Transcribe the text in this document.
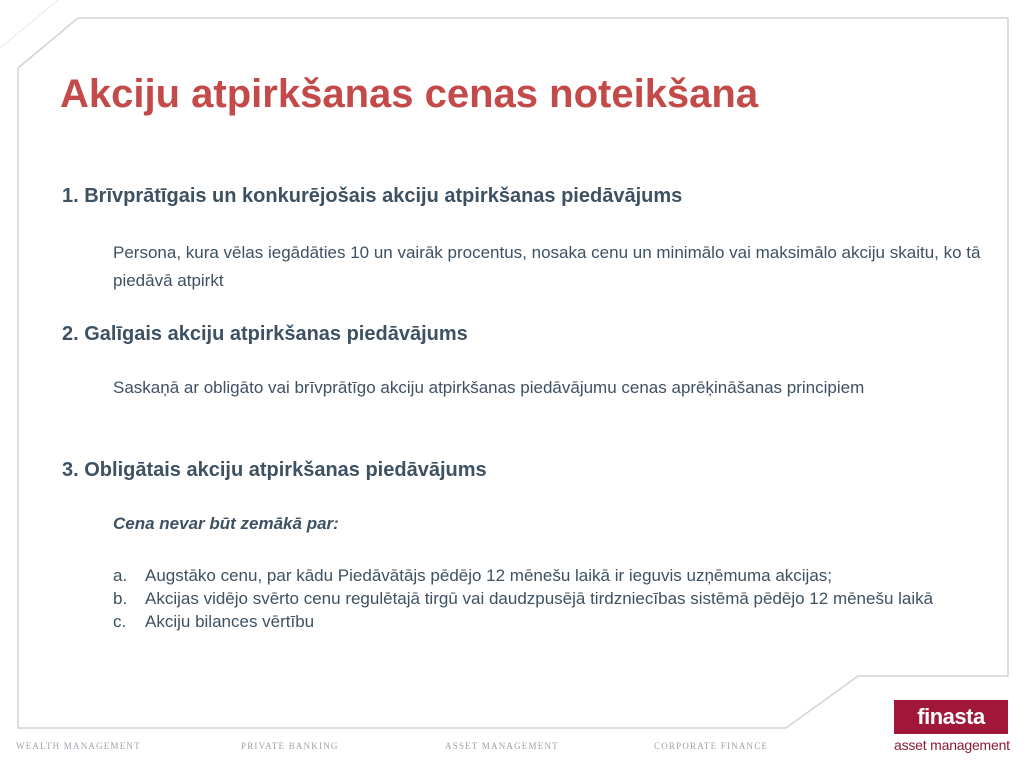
Akciju atpirkšanas cenas noteikšana
1. Brīvprātīgais un konkurējošais akciju atpirkšanas piedāvājums

Persona, kura vēlas iegādāties 10 un vairāk procentus, nosaka cenu un minimālo vai maksimālo akciju skaitu, ko tā piedāvā atpirkt

2. Galīgais akciju atpirkšanas piedāvājums

Saskaņā ar obligāto vai brīvprātīgo akciju atpirkšanas piedāvājumu cenas aprēķināšanas principiem

3. Obligātais akciju atpirkšanas piedāvājums

Cena nevar būt zemākā par:

a. Augstāko cenu, par kādu Piedāvātājs pēdējo 12 mēnešu laikā ir ieguvis uzņēmuma akcijas;
b. Akcijas vidējo svērto cenu regulētajā tirgū vai daudzpusējā tirdzniecības sistēmā pēdējo 12 mēnešu laikā
c. Akciju bilances vērtību
WEALTH MANAGEMENT	PRIVATE BANKING	ASSET MANAGEMENT	CORPORATE FINANCE
finasta
asset management
